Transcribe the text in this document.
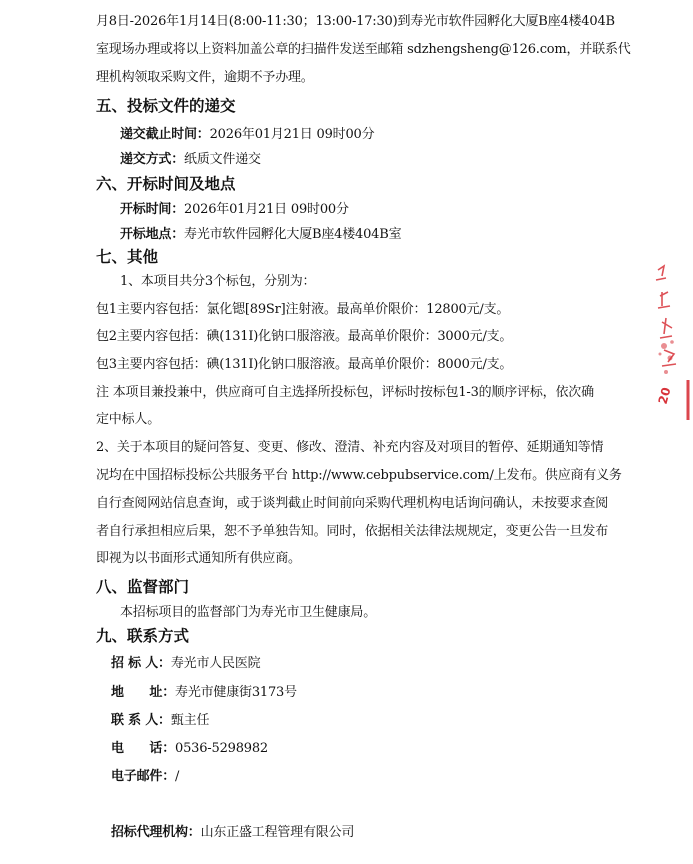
月8日-2026年1月14日(8:00-11:30；13:00-17:30)到寿光市软件园孵化大厦B座4楼404B
室现场办理或将以上资料加盖公章的扫描件发送至邮箱 sdzhengsheng@126.com，并联系代
理机构领取采购文件，逾期不予办理。
五、投标文件的递交
递交截止时间：2026年01月21日 09时00分
递交方式：纸质文件递交
六、开标时间及地点
开标时间：2026年01月21日 09时00分
开标地点：寿光市软件园孵化大厦B座4楼404B室
七、其他
1、本项目共分3个标包，分别为：
包1主要内容包括：氯化锶[89Sr]注射液。最高单价限价：12800元/支。
包2主要内容包括：碘(131I)化钠口服溶液。最高单价限价：3000元/支。
包3主要内容包括：碘(131I)化钠口服溶液。最高单价限价：8000元/支。
注 本项目兼投兼中，供应商可自主选择所投标包，评标时按标包1-3的顺序评标，依次确
定中标人。
2、关于本项目的疑问答复、变更、修改、澄清、补充内容及对项目的暂停、延期通知等情
况均在中国招标投标公共服务平台 http://www.cebpubservice.com/上发布。供应商有义务
自行查阅网站信息查询，或于谈判截止时间前向采购代理机构电话询问确认，未按要求查阅
者自行承担相应后果，恕不予单独告知。同时，依据相关法律法规规定，变更公告一旦发布
即视为以书面形式通知所有供应商。
八、监督部门
本招标项目的监督部门为寿光市卫生健康局。
九、联系方式
招 标 人：寿光市人民医院
地　　址：寿光市健康街3173号
联 系 人：甄主任
电　　话：0536-5298982
电子邮件：/
招标代理机构：山东正盛工程管理有限公司
20
